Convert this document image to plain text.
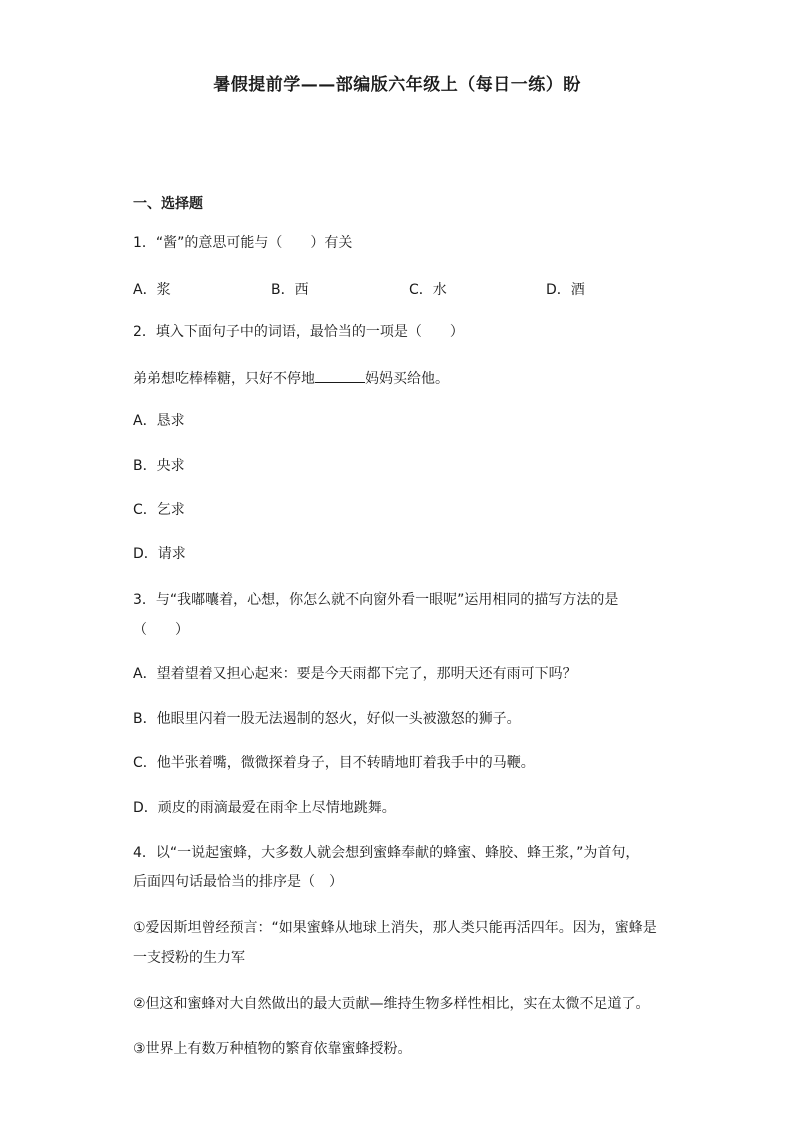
暑假提前学——部编版六年级上（每日一练）盼
一、选择题
1．“酱”的意思可能与（　　）有关
A．浆	B．西	C．水	D．酒
2．填入下面句子中的词语，最恰当的一项是（　　）
弟弟想吃棒棒糖，只好不停地	妈妈买给他。
A．恳求
B．央求
C．乞求
D．请求
3．与“我嘟囔着，心想，你怎么就不向窗外看一眼呢”运用相同的描写方法的是
（　　）
A．望着望着又担心起来：要是今天雨都下完了，那明天还有雨可下吗？
B．他眼里闪着一股无法遏制的怒火，好似一头被激怒的狮子。
C．他半张着嘴，微微探着身子，目不转睛地盯着我手中的马鞭。
D．顽皮的雨滴最爱在雨伞上尽情地跳舞。
4．以“一说起蜜蜂，大多数人就会想到蜜蜂奉献的蜂蜜、蜂胶、蜂王浆，”为首句，
后面四句话最恰当的排序是（　）
①爱因斯坦曾经预言：“如果蜜蜂从地球上消失，那人类只能再活四年。因为，蜜蜂是
一支授粉的生力军
②但这和蜜蜂对大自然做出的最大贡献—维持生物多样性相比，实在太微不足道了。
③世界上有数万种植物的繁育依靠蜜蜂授粉。
